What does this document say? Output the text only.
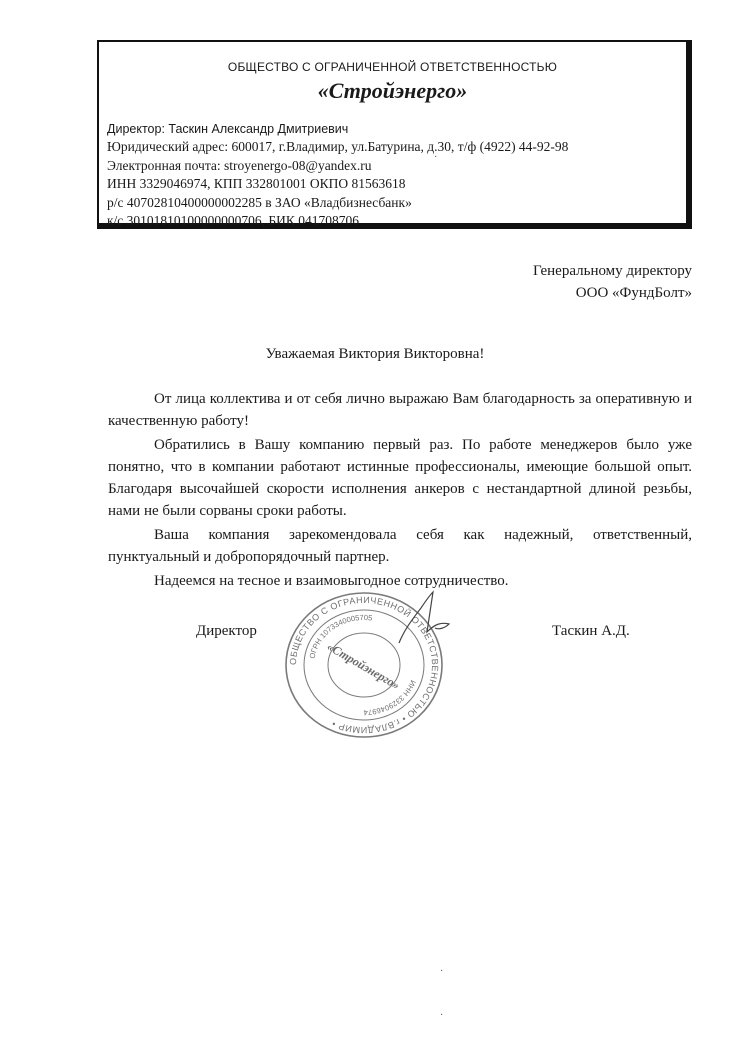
ОБЩЕСТВО С ОГРАНИЧЕННОЙ ОТВЕТСТВЕННОСТЬЮ
«Стройэнерго»
Директор: Таскин Александр Дмитриевич
Юридический адрес: 600017, г.Владимир, ул.Батурина, д.30, т/ф (4922) 44-92-98
Электронная почта: stroyenergo-08@yandex.ru
ИНН 3329046974, КПП 332801001 ОКПО 81563618
р/с 40702810400000002285 в ЗАО «Владбизнесбанк»
к/с 30101810100000000706, БИК 041708706
Генеральному директору
ООО «ФундБолт»
Уважаемая Виктория Викторовна!

От лица коллектива и от себя лично выражаю Вам благодарность за оперативную и качественную работу!

Обратились в Вашу компанию первый раз. По работе менеджеров было уже понятно, что в компании работают истинные профессионалы, имеющие большой опыт. Благодаря высочайшей скорости исполнения анкеров с нестандартной длиной резьбы, нами не были сорваны сроки работы.

Ваша компания зарекомендовала себя как надежный, ответственный, пунктуальный и добропорядочный партнер.

Надеемся на тесное и взаимовыгодное сотрудничество.

ОБЩЕСТВО С ОГРАНИЧЕННОЙ ОТВЕТСТВЕННОСТЬЮ • г.ВЛАДИМИР •
ОГРН 1073340005705
ИНН 3329046974
«Стройэнерго»
Директор	Таскин А.Д.
·
·
·
